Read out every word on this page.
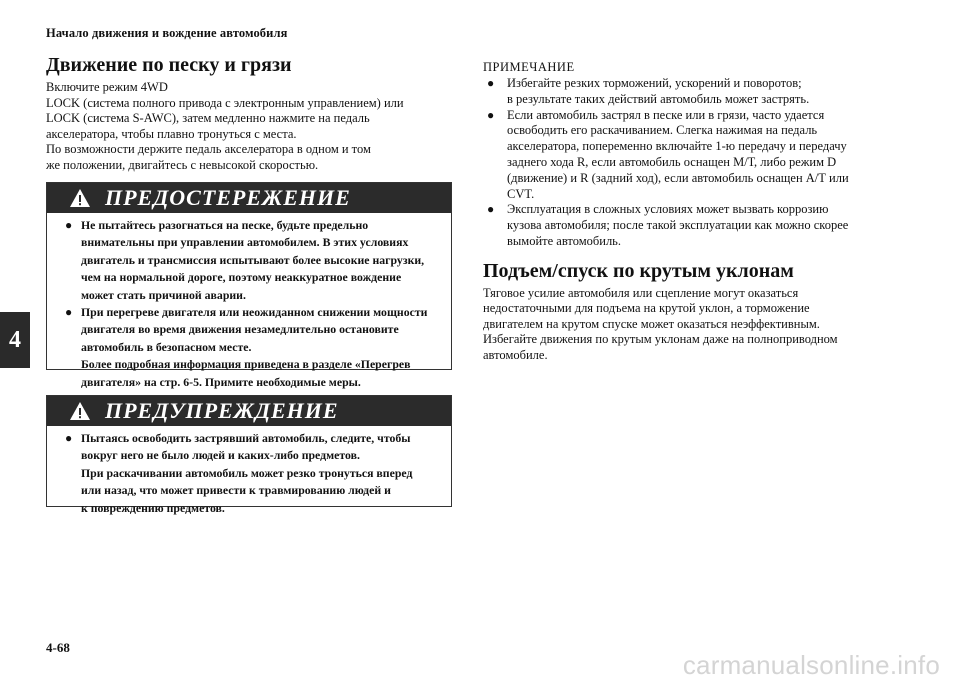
Начало движения и вождение автомобиля
4
4-68
Движение по песку и грязи

Включите режим 4WD
LOCK (система полного привода с электронным управлением) или
LOCK (система S-AWC), затем медленно нажмите на педаль
акселератора, чтобы плавно тронуться с места.
По возможности держите педаль акселератора в одном и том
же положении, двигайтесь с невысокой скоростью.

ПРЕДОСТЕРЕЖЕНИЕ
● Не пытайтесь разогнаться на песке, будьте предельно
внимательны при управлении автомобилем. В этих условиях
двигатель и трансмиссия испытывают более высокие нагрузки,
чем на нормальной дороге, поэтому неаккуратное вождение
может стать причиной аварии.
● При перегреве двигателя или неожиданном снижении мощности
двигателя во время движения незамедлительно остановите
автомобиль в безопасном месте.
Более подробная информация приведена в разделе «Перегрев
двигателя» на стр. 6-5. Примите необходимые меры.
ПРЕДУПРЕЖДЕНИЕ
● Пытаясь освободить застрявший автомобиль, следите, чтобы
вокруг него не было людей и каких-либо предметов.
При раскачивании автомобиль может резко тронуться вперед
или назад, что может привести к травмированию людей и
к повреждению предметов.
ПРИМЕЧАНИЕ
●	Избегайте резких торможений, ускорений и поворотов;
в результате таких действий автомобиль может застрять.
●	Если автомобиль застрял в песке или в грязи, часто удается
освободить его раскачиванием. Слегка нажимая на педаль
акселератора, попеременно включайте 1-ю передачу и передачу
заднего хода R, если автомобиль оснащен М/Т, либо режим D
(движение) и R (задний ход), если автомобиль оснащен А/Т или
CVT.
●	Эксплуатация в сложных условиях может вызвать коррозию
кузова автомобиля; после такой эксплуатации как можно скорее
вымойте автомобиль.
Подъем/спуск по крутым уклонам

Тяговое усилие автомобиля или сцепление могут оказаться
недостаточными для подъема на крутой уклон, а торможение
двигателем на крутом спуске может оказаться неэффективным.
Избегайте движения по крутым уклонам даже на полноприводном
автомобиле.

carmanualsonline.info
